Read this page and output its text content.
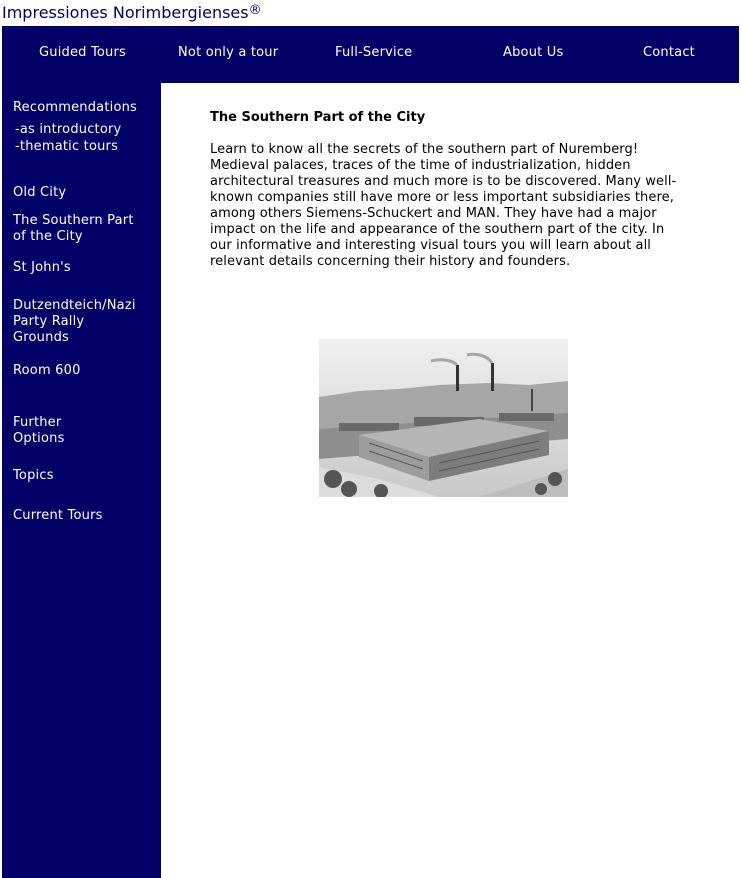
Impressiones Norimbergienses®
Guided Tours	Not only a tour	Full-Service	About Us	Contact
Recommendations
-as introductory
-thematic tours
Old City
The Southern Part
of the City
St John's
Dutzendteich/Nazi
Party Rally
Grounds
Room 600
Further
Options
Topics
Current Tours
The Southern Part of the City

Learn to know all the secrets of the southern part of Nuremberg! Medieval palaces, traces of the time of industrialization, hidden architectural treasures and much more is to be discovered. Many well-known companies still have more or less important subsidiaries there, among others Siemens-Schuckert and MAN. They have had a major impact on the life and appearance of the southern part of the city. In our informative and interesting visual tours you will learn about all relevant details concerning their history and founders.
